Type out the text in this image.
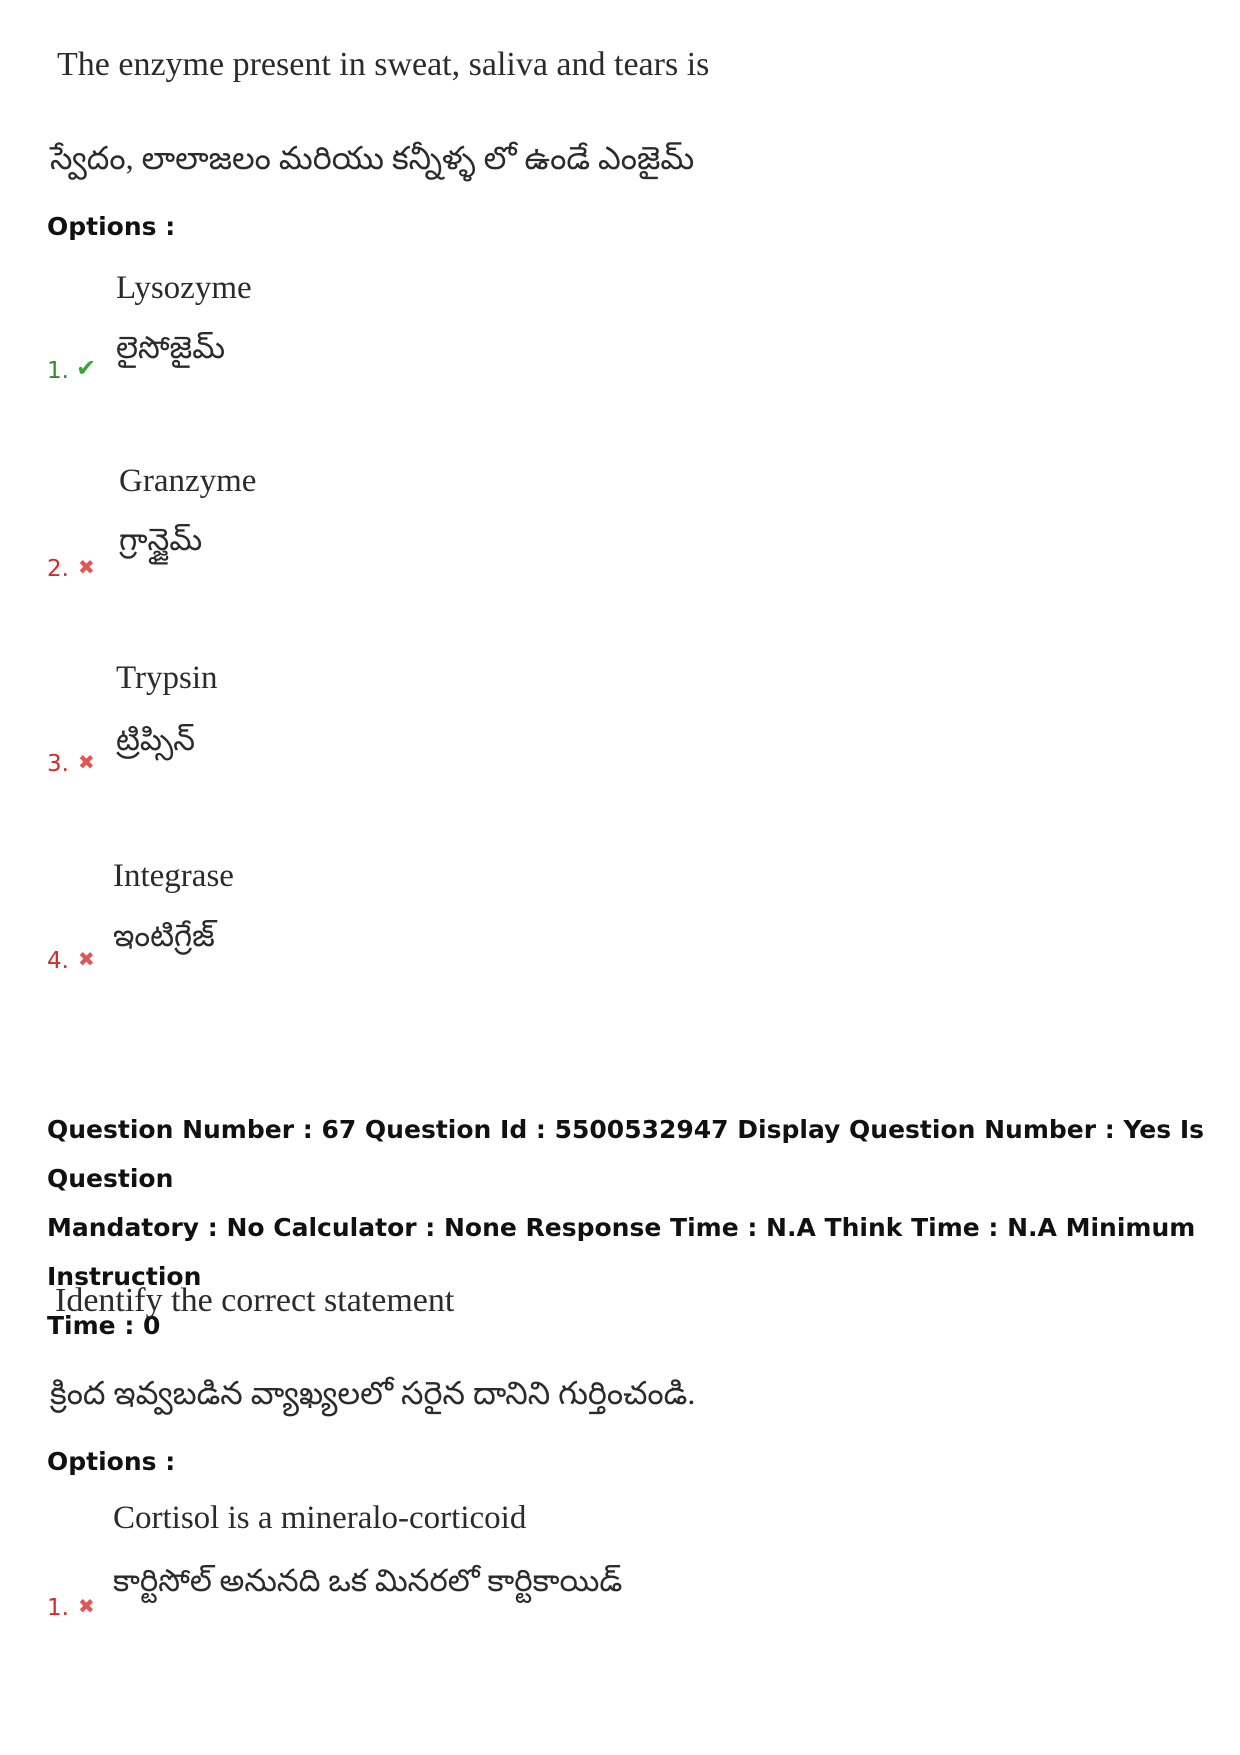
The enzyme present in sweat, saliva and tears is
స్వేదం, లాలాజలం మరియు కన్నీళ్ళ లో ఉండే ఎంజైమ్
Options :
Lysozyme
లైసోజైమ్
1. ✔
Granzyme
గ్రాన్జైమ్
2. ✖
Trypsin
ట్రిప్సిన్
3. ✖
Integrase
ఇంటిగ్రేజ్
4. ✖
Question Number : 67 Question Id : 5500532947 Display Question Number : Yes Is Question
Mandatory : No Calculator : None Response Time : N.A Think Time : N.A Minimum Instruction
Time : 0
Identify the correct statement
క్రింద ఇవ్వబడిన వ్యాఖ్యలలో సరైన దానిని గుర్తించండి.
Options :
Cortisol is a mineralo-corticoid
కార్టిసోల్ అనునది ఒక మినరలో కార్టికాయిడ్
1. ✖
